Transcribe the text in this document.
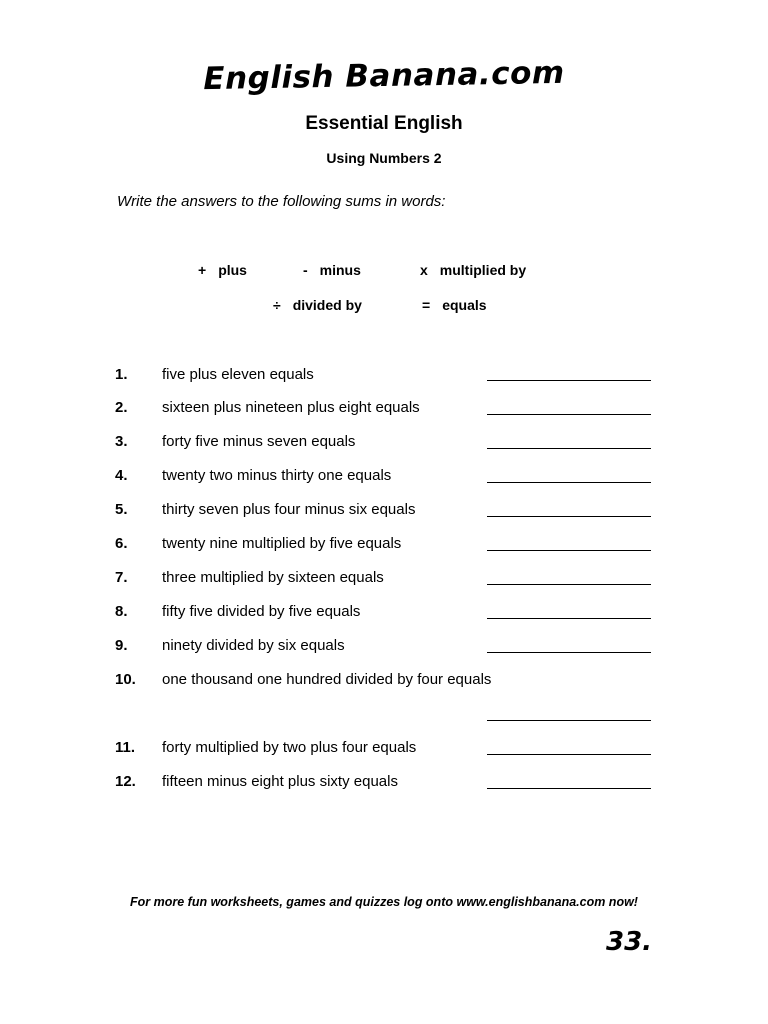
English Banana.com
Essential English
Using Numbers 2
Write the answers to the following sums in words:
+ plus	- minus	x multiplied by
÷ divided by	= equals
1. five plus eleven equals
2. sixteen plus nineteen plus eight equals
3. forty five minus seven equals
4. twenty two minus thirty one equals
5. thirty seven plus four minus six equals
6. twenty nine multiplied by five equals
7. three multiplied by sixteen equals
8. fifty five divided by five equals
9. ninety divided by six equals
10. one thousand one hundred divided by four equals
11. forty multiplied by two plus four equals
12. fifteen minus eight plus sixty equals
For more fun worksheets, games and quizzes log onto www.englishbanana.com now!
33.
